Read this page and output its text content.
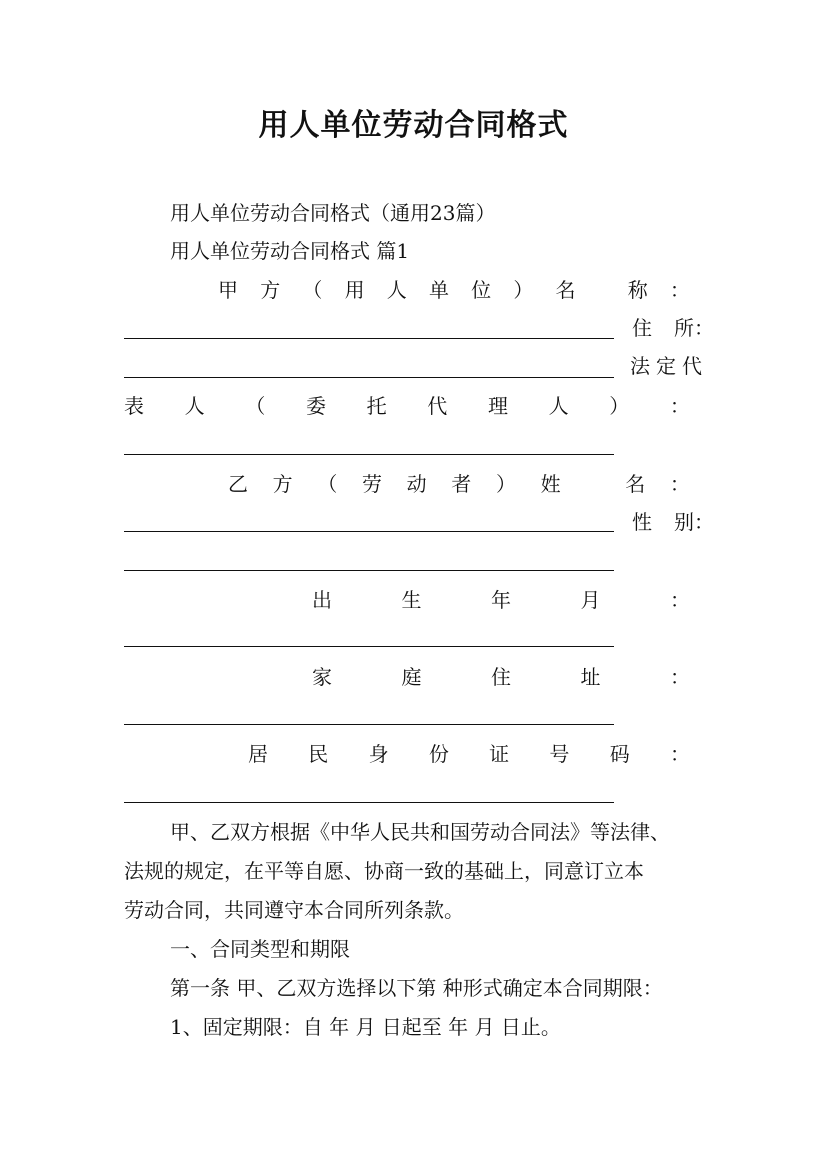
用人单位劳动合同格式
用人单位劳动合同格式（通用23篇）
用人单位劳动合同格式 篇1
甲 方 （ 用 人 单 位 ） 名	称 ：
住 所：
法 定 代
表 人 （ 委 托 代 理 人 ） ：
乙 方 （ 劳 动 者 ） 姓	名 ：
性 别：
出	生	年	月	：
家	庭	住	址	：
居 民 身 份 证 号 码 ：
甲、乙双方根据《中华人民共和国劳动合同法》等法律、
法规的规定，在平等自愿、协商一致的基础上，同意订立本
劳动合同，共同遵守本合同所列条款。
一、合同类型和期限
第一条 甲、乙双方选择以下第 种形式确定本合同期限：
1、固定期限：自 年 月 日起至 年 月 日止。
